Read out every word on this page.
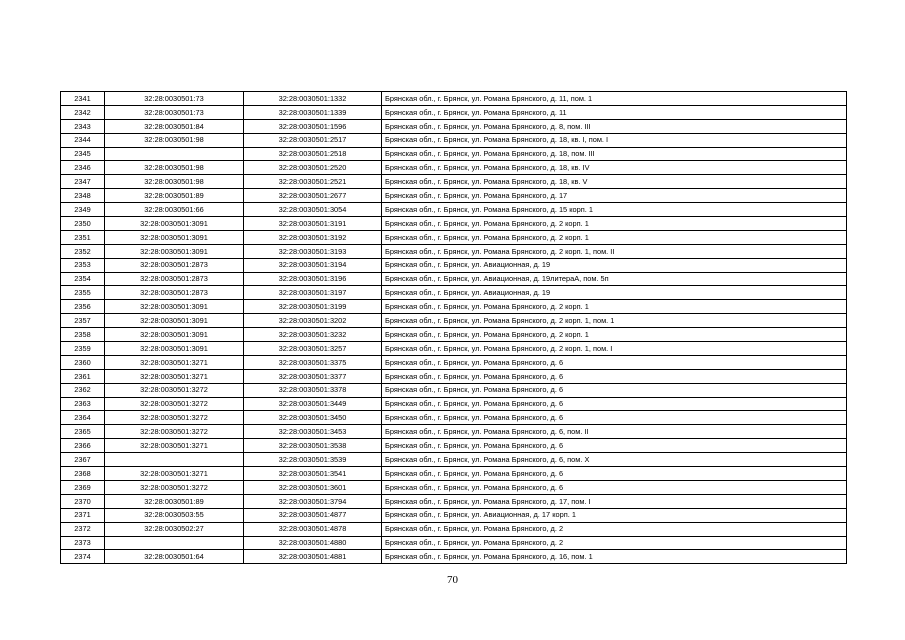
2341	32:28:0030501:73	32:28:0030501:1332	Брянская обл., г. Брянск, ул. Романа Брянского, д. 11, пом. 1
2342	32:28:0030501:73	32:28:0030501:1339	Брянская обл., г. Брянск, ул. Романа Брянского, д. 11
2343	32:28:0030501:84	32:28:0030501:1596	Брянская обл., г. Брянск, ул. Романа Брянского, д. 8, пом. III
2344	32:28:0030501:98	32:28:0030501:2517	Брянская обл., г. Брянск, ул. Романа Брянского, д. 18, кв. I, пом. I
2345		32:28:0030501:2518	Брянская обл., г. Брянск, ул. Романа Брянского, д. 18, пом. III
2346	32:28:0030501:98	32:28:0030501:2520	Брянская обл., г. Брянск, ул. Романа Брянского, д. 18, кв. IV
2347	32:28:0030501:98	32:28:0030501:2521	Брянская обл., г. Брянск, ул. Романа Брянского, д. 18, кв. V
2348	32:28:0030501:89	32:28:0030501:2677	Брянская обл., г. Брянск, ул. Романа Брянского, д. 17
2349	32:28:0030501:66	32:28:0030501:3054	Брянская обл., г. Брянск, ул. Романа Брянского, д. 15 корп. 1
2350	32:28:0030501:3091	32:28:0030501:3191	Брянская обл., г. Брянск, ул. Романа Брянского, д. 2 корп. 1
2351	32:28:0030501:3091	32:28:0030501:3192	Брянская обл., г. Брянск, ул. Романа Брянского, д. 2 корп. 1
2352	32:28:0030501:3091	32:28:0030501:3193	Брянская обл., г. Брянск, ул. Романа Брянского, д. 2 корп. 1, пом. II
2353	32:28:0030501:2873	32:28:0030501:3194	Брянская обл., г. Брянск, ул. Авиационная, д. 19
2354	32:28:0030501:2873	32:28:0030501:3196	Брянская обл., г. Брянск, ул. Авиационная, д. 19литераА, пом. 5п
2355	32:28:0030501:2873	32:28:0030501:3197	Брянская обл., г. Брянск, ул. Авиационная, д. 19
2356	32:28:0030501:3091	32:28:0030501:3199	Брянская обл., г. Брянск, ул. Романа Брянского, д. 2 корп. 1
2357	32:28:0030501:3091	32:28:0030501:3202	Брянская обл., г. Брянск, ул. Романа Брянского, д. 2 корп. 1, пом. 1
2358	32:28:0030501:3091	32:28:0030501:3232	Брянская обл., г. Брянск, ул. Романа Брянского, д. 2 корп. 1
2359	32:28:0030501:3091	32:28:0030501:3257	Брянская обл., г. Брянск, ул. Романа Брянского, д. 2 корп. 1, пом. I
2360	32:28:0030501:3271	32:28:0030501:3375	Брянская обл., г. Брянск, ул. Романа Брянского, д. 6
2361	32:28:0030501:3271	32:28:0030501:3377	Брянская обл., г. Брянск, ул. Романа Брянского, д. 6
2362	32:28:0030501:3272	32:28:0030501:3378	Брянская обл., г. Брянск, ул. Романа Брянского, д. 6
2363	32:28:0030501:3272	32:28:0030501:3449	Брянская обл., г. Брянск, ул. Романа Брянского, д. 6
2364	32:28:0030501:3272	32:28:0030501:3450	Брянская обл., г. Брянск, ул. Романа Брянского, д. 6
2365	32:28:0030501:3272	32:28:0030501:3453	Брянская обл., г. Брянск, ул. Романа Брянского, д. 6, пом. II
2366	32:28:0030501:3271	32:28:0030501:3538	Брянская обл., г. Брянск, ул. Романа Брянского, д. 6
2367		32:28:0030501:3539	Брянская обл., г. Брянск, ул. Романа Брянского, д. 6, пом. X
2368	32:28:0030501:3271	32:28:0030501:3541	Брянская обл., г. Брянск, ул. Романа Брянского, д. 6
2369	32:28:0030501:3272	32:28:0030501:3601	Брянская обл., г. Брянск, ул. Романа Брянского, д. 6
2370	32:28:0030501:89	32:28:0030501:3794	Брянская обл., г. Брянск, ул. Романа Брянского, д. 17, пом. I
2371	32:28:0030503:55	32:28:0030501:4877	Брянская обл., г. Брянск, ул. Авиационная, д. 17 корп. 1
2372	32:28:0030502:27	32:28:0030501:4878	Брянская обл., г. Брянск, ул. Романа Брянского, д. 2
2373		32:28:0030501:4880	Брянская обл., г. Брянск, ул. Романа Брянского, д. 2
2374	32:28:0030501:64	32:28:0030501:4881	Брянская обл., г. Брянск, ул. Романа Брянского, д. 16, пом. 1
70
